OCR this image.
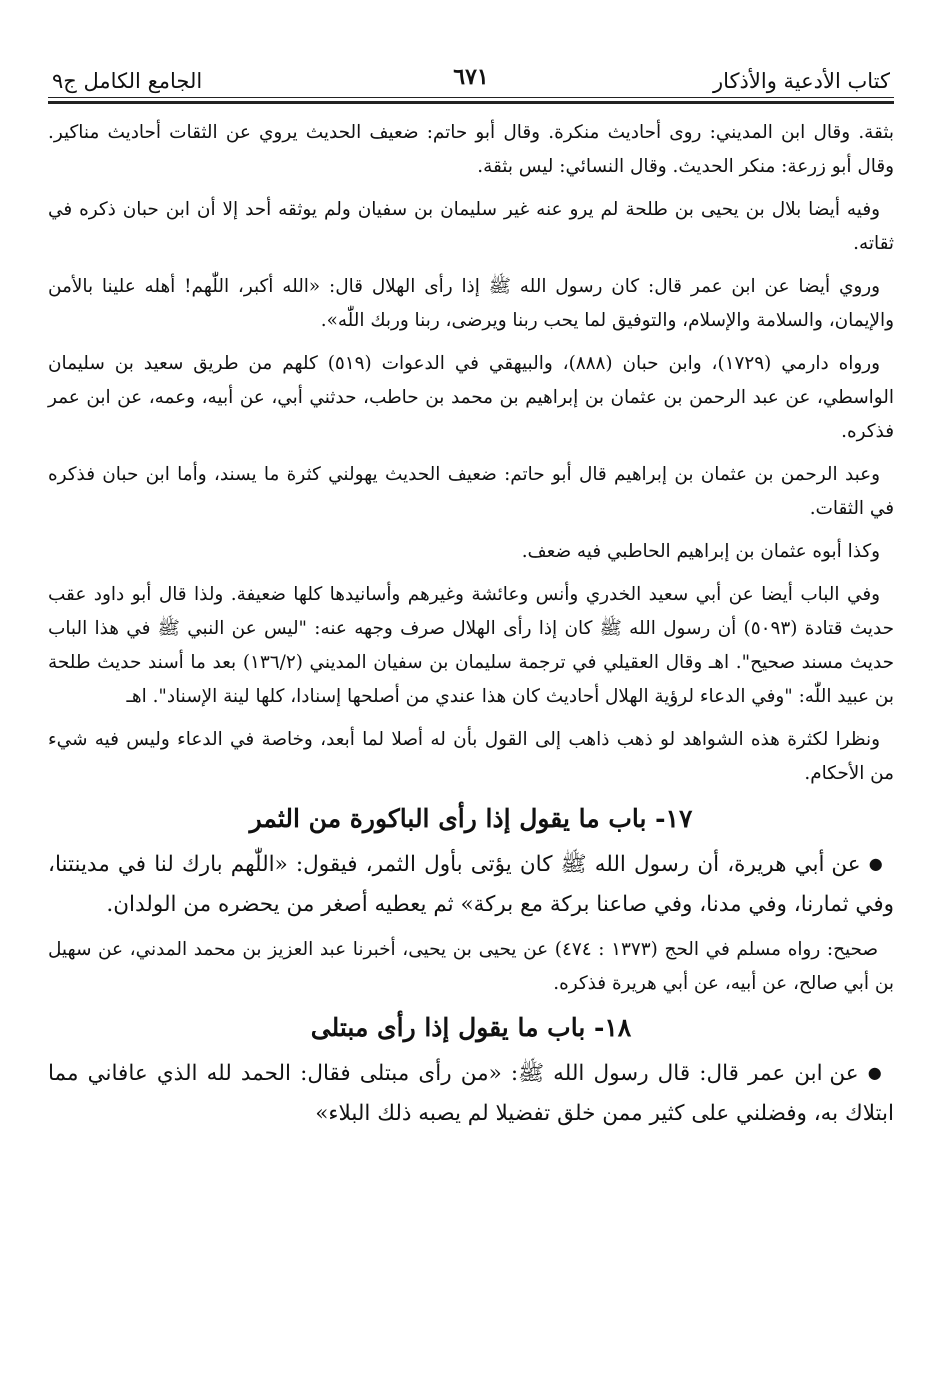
كتاب الأدعية والأذكار
٦٧١
الجامع الكامل ج٩

بثقة. وقال ابن المديني: روى أحاديث منكرة. وقال أبو حاتم: ضعيف الحديث يروي عن الثقات أحاديث مناكير. وقال أبو زرعة: منكر الحديث. وقال النسائي: ليس بثقة.

وفيه أيضا بلال بن يحيى بن طلحة لم يرو عنه غير سليمان بن سفيان ولم يوثقه أحد إلا أن ابن حبان ذكره في ثقاته.

وروي أيضا عن ابن عمر قال: كان رسول الله ﷺ إذا رأى الهلال قال: «الله أكبر، اللّٰهم! أهله علينا بالأمن والإيمان، والسلامة والإسلام، والتوفيق لما يحب ربنا ويرضى، ربنا وربك اللّٰه».

ورواه دارمي (١٧٢٩)، وابن حبان (٨٨٨)، والبيهقي في الدعوات (٥١٩) كلهم من طريق سعيد بن سليمان الواسطي، عن عبد الرحمن بن عثمان بن إبراهيم بن محمد بن حاطب، حدثني أبي، عن أبيه، وعمه، عن ابن عمر فذكره.

وعبد الرحمن بن عثمان بن إبراهيم قال أبو حاتم: ضعيف الحديث يهولني كثرة ما يسند، وأما ابن حبان فذكره في الثقات.

وكذا أبوه عثمان بن إبراهيم الحاطبي فيه ضعف.

وفي الباب أيضا عن أبي سعيد الخدري وأنس وعائشة وغيرهم وأسانيدها كلها ضعيفة. ولذا قال أبو داود عقب حديث قتادة (٥٠٩٣) أن رسول الله ﷺ كان إذا رأى الهلال صرف وجهه عنه: "ليس عن النبي ﷺ في هذا الباب حديث مسند صحيح". اهـ وقال العقيلي في ترجمة سليمان بن سفيان المديني (١٣٦/٢) بعد ما أسند حديث طلحة بن عبيد اللّٰه: "وفي الدعاء لرؤية الهلال أحاديث كان هذا عندي من أصلحها إسنادا، كلها لينة الإسناد". اهـ

ونظرا لكثرة هذه الشواهد لو ذهب ذاهب إلى القول بأن له أصلا لما أبعد، وخاصة في الدعاء وليس فيه شيء من الأحكام.

١٧- باب ما يقول إذا رأى الباكورة من الثمر

● عن أبي هريرة، أن رسول الله ﷺ كان يؤتى بأول الثمر، فيقول: «اللّٰهم بارك لنا في مدينتنا، وفي ثمارنا، وفي مدنا، وفي صاعنا بركة مع بركة» ثم يعطيه أصغر من يحضره من الولدان.

صحيح: رواه مسلم في الحج (١٣٧٣ : ٤٧٤) عن يحيى بن يحيى، أخبرنا عبد العزيز بن محمد المدني، عن سهيل بن أبي صالح، عن أبيه، عن أبي هريرة فذكره.

١٨- باب ما يقول إذا رأى مبتلى

● عن ابن عمر قال: قال رسول الله ﷺ: «من رأى مبتلى فقال: الحمد لله الذي عافاني مما ابتلاك به، وفضلني على كثير ممن خلق تفضيلا لم يصبه ذلك البلاء»
